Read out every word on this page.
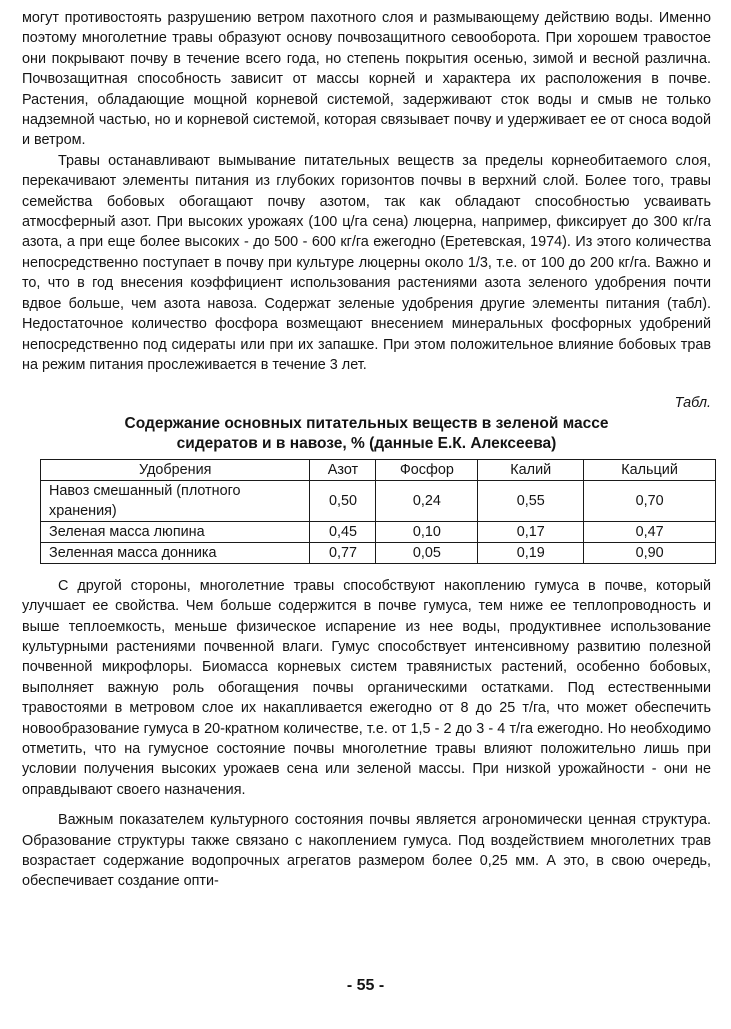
могут противостоять разрушению ветром пахотного слоя и размывающему действию воды. Именно поэтому многолетние травы образуют основу почвозащитного севооборота. При хорошем травостое они покрывают почву в течение всего года, но степень покрытия осенью, зимой и весной различна. Почвозащитная способность зависит от массы корней и характера их расположения в почве. Растения, обладающие мощной корневой системой, задерживают сток воды и смыв не только надземной частью, но и корневой системой, которая связывает почву и удерживает ее от сноса водой и ветром.

Травы останавливают вымывание питательных веществ за пределы корнеобитаемого слоя, перекачивают элементы питания из глубоких горизонтов почвы в верхний слой. Более того, травы семейства бобовых обогащают почву азотом, так как обладают способностью усваивать атмосферный азот. При высоких урожаях (100 ц/га сена) люцерна, например, фиксирует до 300 кг/га азота, а при еще более высоких - до 500 - 600 кг/га ежегодно (Еретевская, 1974). Из этого количества непосредственно поступает в почву при культуре люцерны около 1/3, т.е. от 100 до 200 кг/га. Важно и то, что в год внесения коэффициент использования растениями азота зеленого удобрения почти вдвое больше, чем азота навоза. Содержат зеленые удобрения другие элементы питания (табл). Недостаточное количество фосфора возмещают внесением минеральных фосфорных удобрений непосредственно под сидераты или при их запашке. При этом положительное влияние бобовых трав на режим питания прослеживается в течение 3 лет.

Табл.
Содержание основных питательных веществ в зеленой массе
сидератов и в навозе, % (данные Е.К. Алексеева)
Удобрения	Азот	Фосфор	Калий	Кальций
Навоз смешанный (плотного хранения)	0,50	0,24	0,55	0,70
Зеленая масса люпина	0,45	0,10	0,17	0,47
Зеленная масса донника	0,77	0,05	0,19	0,90

С другой стороны, многолетние травы способствуют накоплению гумуса в почве, который улучшает ее свойства. Чем больше содержится в почве гумуса, тем ниже ее теплопроводность и выше теплоемкость, меньше физическое испарение из нее воды, продуктивнее использование культурными растениями почвенной влаги. Гумус способствует интенсивному развитию полезной почвенной микрофлоры. Биомасса корневых систем травянистых растений, особенно бобовых, выполняет важную роль обогащения почвы органическими остатками. Под естественными травостоями в метровом слое их накапливается ежегодно от 8 до 25 т/га, что может обеспечить новообразование гумуса в 20-кратном количестве, т.е. от 1,5 - 2 до 3 - 4 т/га ежегодно. Но необходимо отметить, что на гумусное состояние почвы многолетние травы влияют положительно лишь при условии получения высоких урожаев сена или зеленой массы. При низкой урожайности - они не оправдывают своего назначения.

Важным показателем культурного состояния почвы является агрономически ценная структура. Образование структуры также связано с накоплением гумуса. Под воздействием многолетних трав возрастает содержание водопрочных агрегатов размером более 0,25 мм. А это, в свою очередь, обеспечивает создание опти-

- 55 -
